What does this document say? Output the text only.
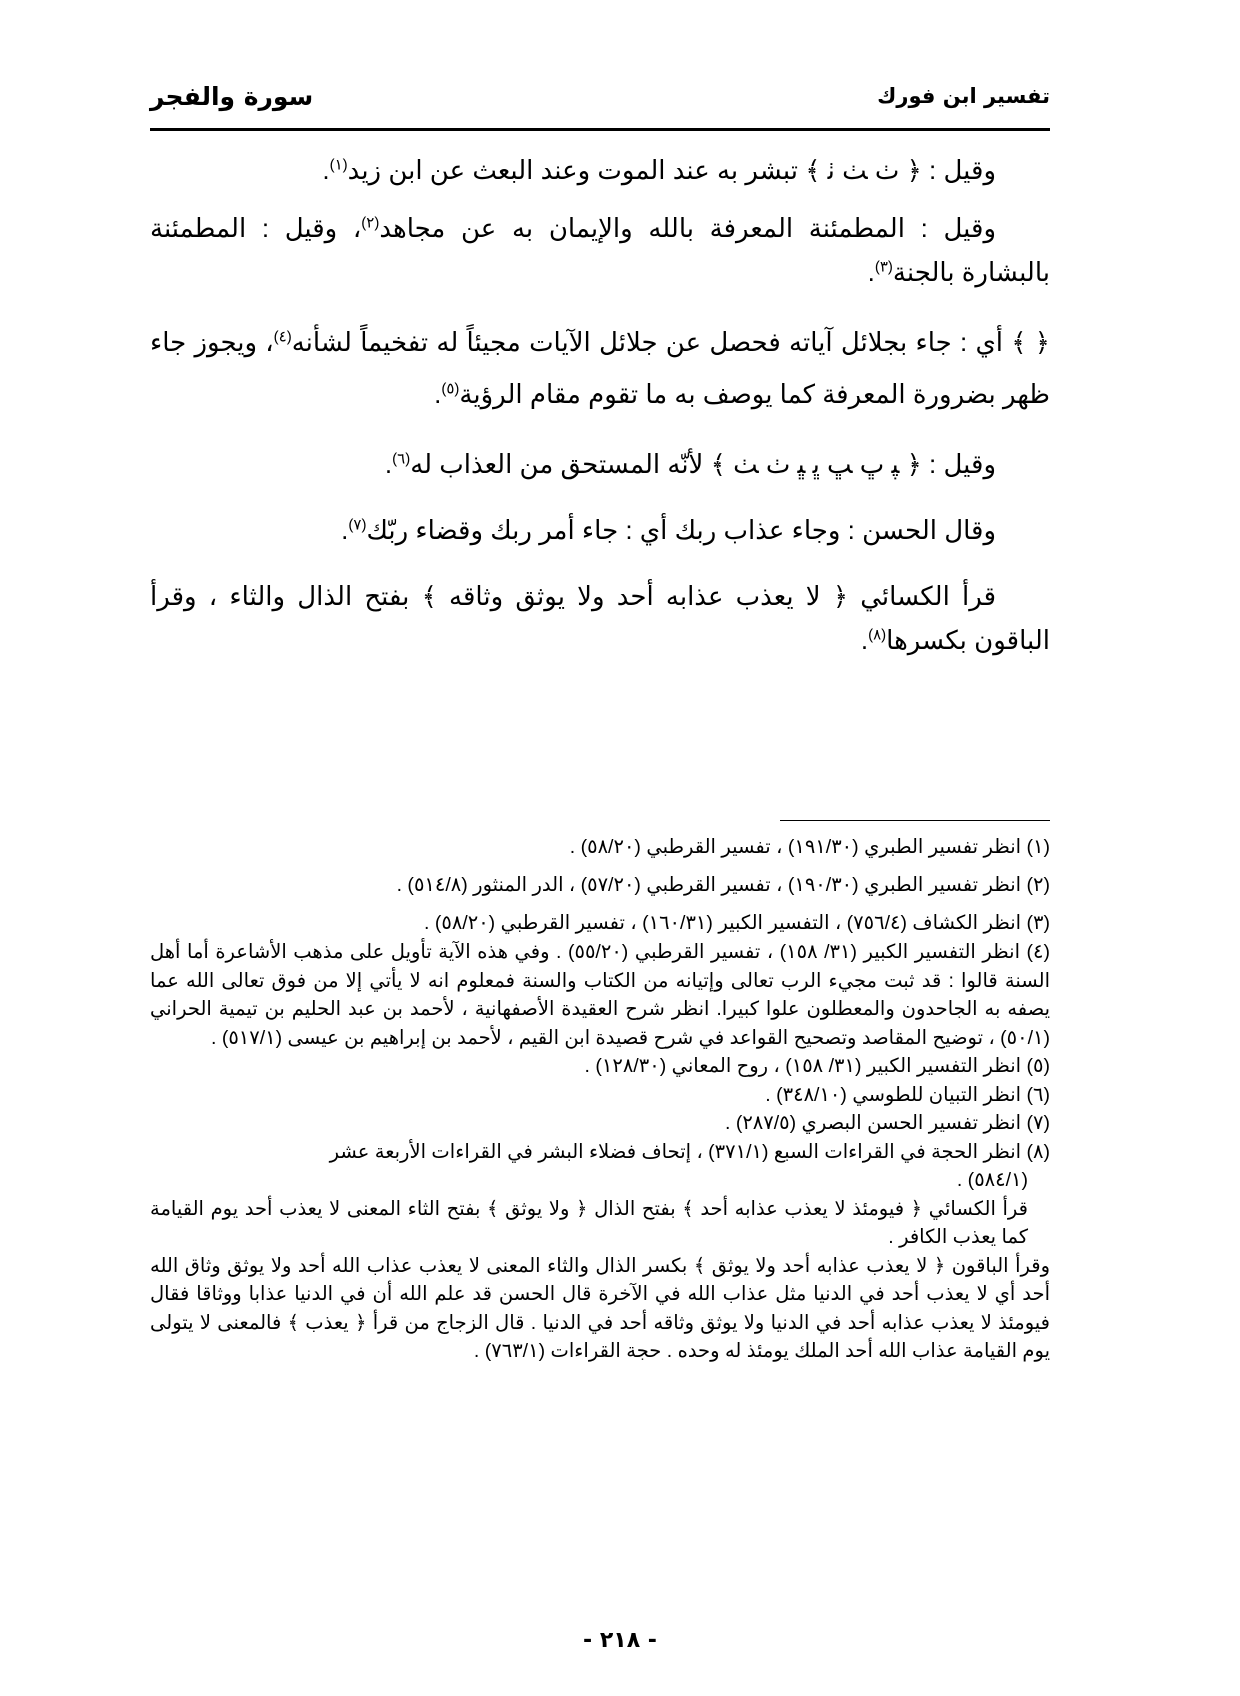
تفسير ابن فورك
سورة والفجر

وقيل : ﴿ ﭞ ﭟ ﭠ ﴾ تبشر به عند الموت وعند البعث عن ابن زيد$^{(١)}$.

وقيل : المطمئنة المعرفة بالله والإيمان به عن مجاهد$^{(٢)}$، وقيل : المطمئنة بالبشارة بالجنة$^{(٣)}$.

﴿ ﴾ أي : جاء بجلائل آياته فحصل عن جلائل الآيات مجيئاً له تفخيماً لشأنه$^{(٤)}$، ويجوز جاء ظهر بضرورة المعرفة كما يوصف به ما تقوم مقام الرؤية$^{(٥)}$.

وقيل : ﴿ ﭙ ﭚ ﭛ ﭜ ﭝ ﭞ ﭟ ﴾ لأنّه المستحق من العذاب له$^{(٦)}$.

وقال الحسن : وجاء عذاب ربك أي : جاء أمر ربك وقضاء ربّك$^{(٧)}$.

قرأ الكسائي ﴿ لا يعذب عذابه أحد ولا يوثق وثاقه ﴾ بفتح الذال والثاء ، وقرأ الباقون بكسرها$^{(٨)}$.

(١) انظر تفسير الطبري (١٩١/٣٠) ، تفسير القرطبي (٥٨/٢٠) .

(٢) انظر تفسير الطبري (١٩٠/٣٠) ، تفسير القرطبي (٥٧/٢٠) ، الدر المنثور (٥١٤/٨) .

(٣) انظر الكشاف (٧٥٦/٤) ، التفسير الكبير (١٦٠/٣١) ، تفسير القرطبي (٥٨/٢٠) .

(٤) انظر التفسير الكبير (٣١/ ١٥٨) ، تفسير القرطبي (٥٥/٢٠) . وفي هذه الآية تأويل على مذهب الأشاعرة أما أهل السنة قالوا : قد ثبت مجيء الرب تعالى وإتيانه من الكتاب والسنة فمعلوم انه لا يأتي إلا من فوق تعالى الله عما يصفه به الجاحدون والمعطلون علوا كبيرا. انظر شرح العقيدة الأصفهانية ، لأحمد بن عبد الحليم بن تيمية الحراني (٥٠/١) ، توضيح المقاصد وتصحيح القواعد في شرح قصيدة ابن القيم ، لأحمد بن إبراهيم بن عيسى (٥١٧/١) .

(٥) انظر التفسير الكبير (٣١/ ١٥٨) ، روح المعاني (١٢٨/٣٠) .

(٦) انظر التبيان للطوسي (٣٤٨/١٠) .

(٧) انظر تفسير الحسن البصري (٢٨٧/٥) .

(٨) انظر الحجة في القراءات السبع (٣٧١/١) ، إتحاف فضلاء البشر في القراءات الأربعة عشر
(٥٨٤/١) .

قرأ الكسائي ﴿ فيومئذ لا يعذب عذابه أحد ﴾ بفتح الذال ﴿ ولا يوثق ﴾ بفتح الثاء المعنى لا يعذب أحد يوم القيامة كما يعذب الكافر .

وقرأ الباقون ﴿ لا يعذب عذابه أحد ولا يوثق ﴾ بكسر الذال والثاء المعنى لا يعذب عذاب الله أحد ولا يوثق وثاق الله أحد أي لا يعذب أحد في الدنيا مثل عذاب الله في الآخرة قال الحسن قد علم الله أن في الدنيا عذابا ووثاقا فقال فيومئذ لا يعذب عذابه أحد في الدنيا ولا يوثق وثاقه أحد في الدنيا . قال الزجاج من قرأ ﴿ يعذب ﴾ فالمعنى لا يتولى يوم القيامة عذاب الله أحد الملك يومئذ له وحده . حجة القراءات (٧٦٣/١) .

- ٢١٨ -
